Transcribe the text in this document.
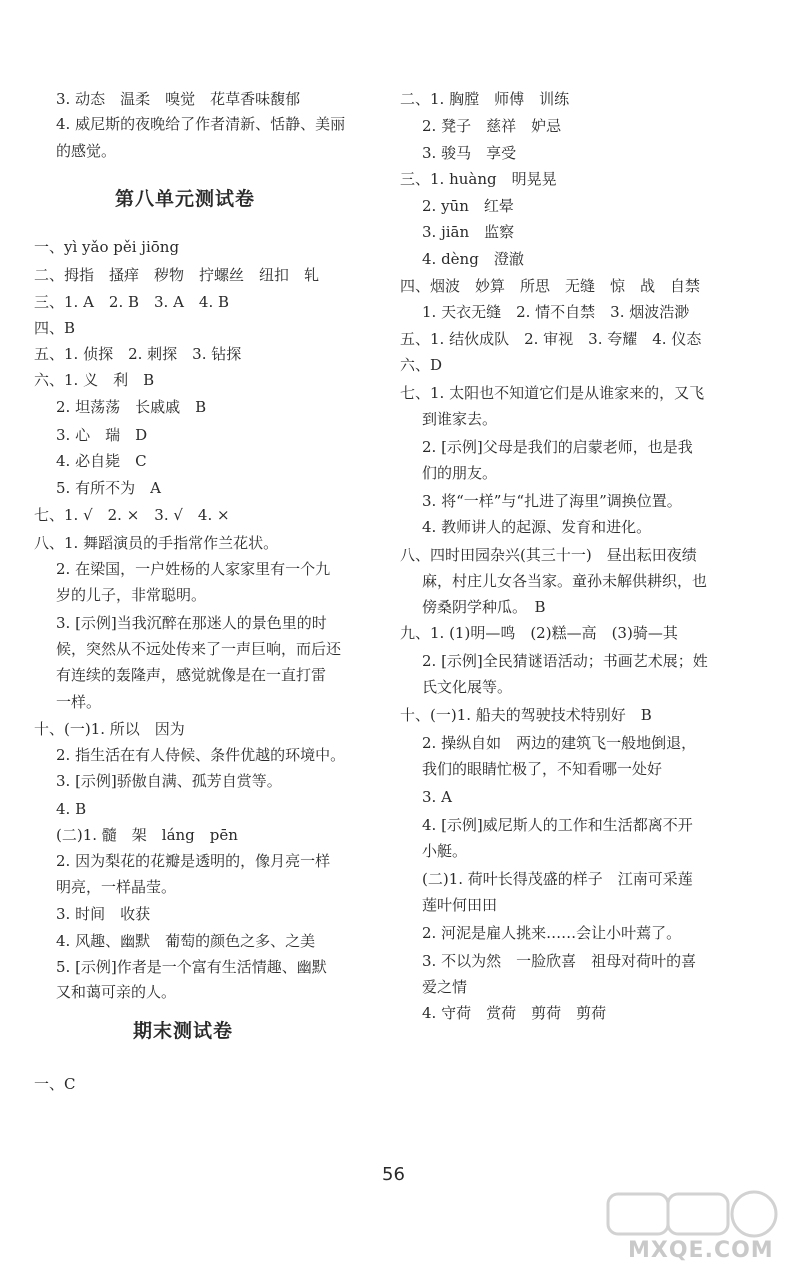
3. 动态　温柔　嗅觉　花草香味馥郁
4. 威尼斯的夜晚给了作者清新、恬静、美丽
的感觉。
一、yì yǎo pěi jiōng
二、拇指　搔痒　秽物　拧螺丝　纽扣　轧
三、1. A　2. B　3. A　4. B
四、B
五、1. 侦探　2. 刺探　3. 钻探
六、1. 义　利　B
2. 坦荡荡　长戚戚　B
3. 心　瑞　D
4. 必自毙　C
5. 有所不为　A
七、1. √　2. ×　3. √　4. ×
八、1. 舞蹈演员的手指常作兰花状。
2. 在梁国，一户姓杨的人家家里有一个九
岁的儿子，非常聪明。
3. [示例]当我沉醉在那迷人的景色里的时
候，突然从不远处传来了一声巨响，而后还
有连续的轰隆声，感觉就像是在一直打雷
一样。
十、(一)1. 所以　因为
2. 指生活在有人侍候、条件优越的环境中。
3. [示例]骄傲自满、孤芳自赏等。
4. B
(二)1. 髓　架　láng　pēn
2. 因为梨花的花瓣是透明的，像月亮一样
明亮，一样晶莹。
3. 时间　收获
4. 风趣、幽默　葡萄的颜色之多、之美
5. [示例]作者是一个富有生活情趣、幽默
又和蔼可亲的人。
一、C
二、1. 胸膛　师傅　训练
2. 凳子　慈祥　妒忌
3. 骏马　享受
三、1. huàng　明晃晃
2. yūn　红晕
3. jiān　监察
4. dèng　澄澈
四、烟波　妙算　所思　无缝　惊　战　自禁
1. 天衣无缝　2. 情不自禁　3. 烟波浩渺
五、1. 结伙成队　2. 审视　3. 夸耀　4. 仪态
六、D
七、1. 太阳也不知道它们是从谁家来的，又飞
到谁家去。
2. [示例]父母是我们的启蒙老师，也是我
们的朋友。
3. 将“一样”与“扎进了海里”调换位置。
4. 教师讲人的起源、发育和进化。
八、四时田园杂兴(其三十一)　昼出耘田夜绩
麻，村庄儿女各当家。童孙未解供耕织，也
傍桑阴学种瓜。　B
九、1. (1)明—鸣　(2)糕—高　(3)骑—其
2. [示例]全民猜谜语活动；书画艺术展；姓
氏文化展等。
十、(一)1. 船夫的驾驶技术特别好　B
2. 操纵自如　两边的建筑飞一般地倒退，
我们的眼睛忙极了，不知看哪一处好
3. A
4. [示例]威尼斯人的工作和生活都离不开
小艇。
(二)1. 荷叶长得茂盛的样子　江南可采莲
莲叶何田田
2. 河泥是雇人挑来……会让小叶蔫了。
3. 不以为然　一脸欣喜　祖母对荷叶的喜
爱之情
4. 守荷　赏荷　剪荷　剪荷
第八单元测试卷
期末测试卷
56
MXQE.COM
